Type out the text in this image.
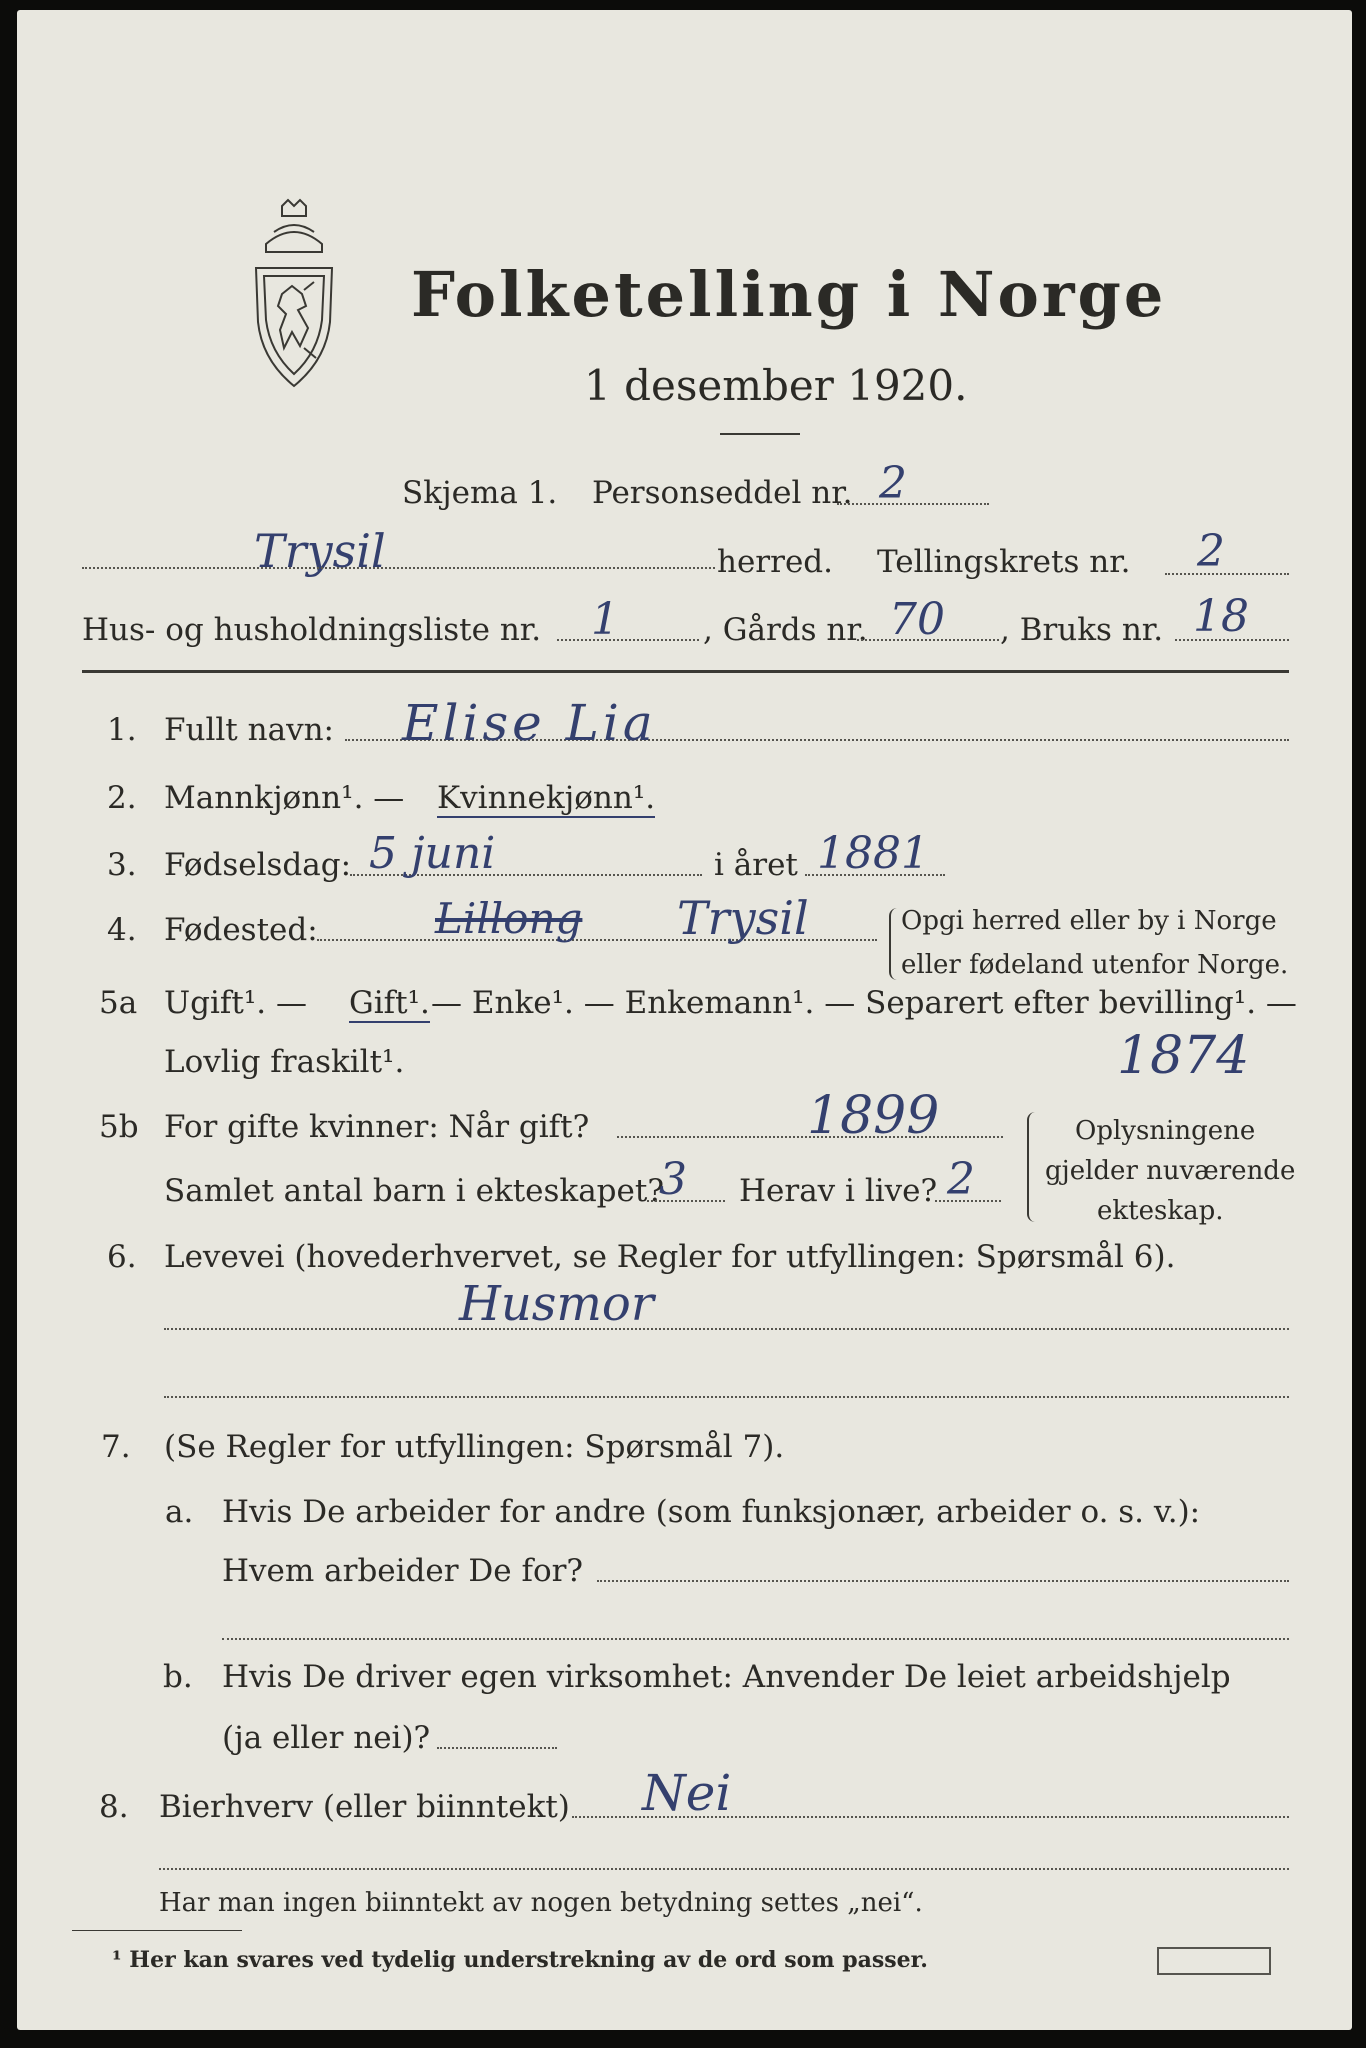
Folketelling i Norge
1 desember 1920.
Skjema 1. Personseddel nr. 2
Trysil	herred. Tellingskrets nr. 2
Hus- og husholdningsliste nr. 1	, Gårds nr. 70 , Bruks nr. 18
1. Fullt navn: Elise Lia
2. Mannkjønn¹. — Kvinnekjønn¹.
3. Fødselsdag: 5 juni	i året 1881
4. Fødested:	Lillong Trysil	Opgi herred eller by i Norge
eller fødeland utenfor Norge.
5a Ugift¹. — Gift¹. — Enke¹. — Enkemann¹. — Separert efter bevilling¹. —
Lovlig fraskilt¹.	1874
5b For gifte kvinner: Når gift?	1899
Samlet antal barn i ekteskapet?
3 Herav i live? 2
Oplysningene
gjelder nuværende
ekteskap.
6. Levevei (hovederhvervet, se Regler for utfyllingen: Spørsmål 6).
Husmor
7. (Se Regler for utfyllingen: Spørsmål 7).
a. Hvis De arbeider for andre (som funksjonær, arbeider o. s. v.):
Hvem arbeider De for?
b. Hvis De driver egen virksomhet: Anvender De leiet arbeidshjelp
(ja eller nei)?
8. Bierhverv (eller biinntekt) Nei
Har man ingen biinntekt av nogen betydning settes „nei“.
¹ Her kan svares ved tydelig understrekning av de ord som passer.
